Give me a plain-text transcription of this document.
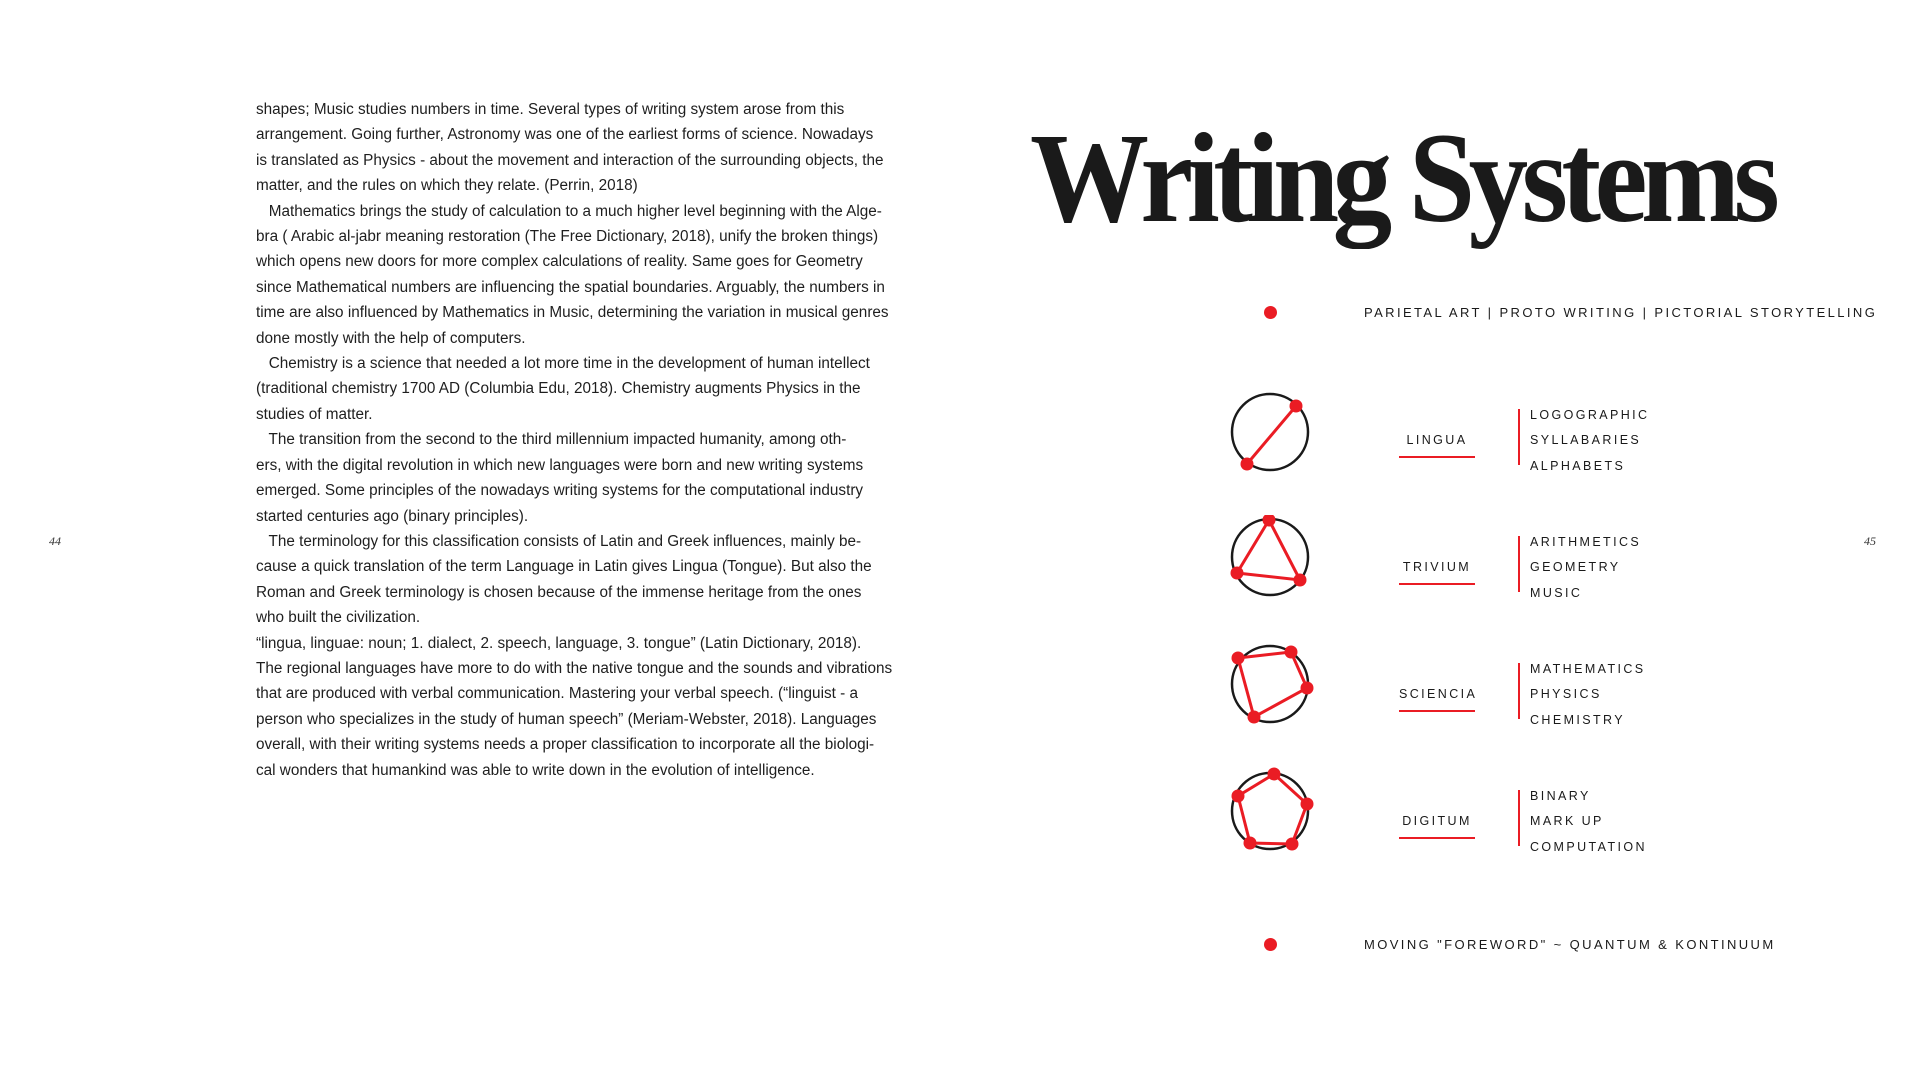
44
shapes; Music studies numbers in time. Several types of writing system arose from this
arrangement. Going further, Astronomy was one of the earliest forms of science. Nowadays
is translated as Physics - about the movement and interaction of the surrounding objects, the
matter, and the rules on which they relate. (Perrin, 2018)
Mathematics brings the study of calculation to a much higher level beginning with the Alge-
bra ( Arabic al-jabr meaning restoration (The Free Dictionary, 2018), unify the broken things)
which opens new doors for more complex calculations of reality. Same goes for Geometry
since Mathematical numbers are influencing the spatial boundaries. Arguably, the numbers in
time are also influenced by Mathematics in Music, determining the variation in musical genres
done mostly with the help of computers.
Chemistry is a science that needed a lot more time in the development of human intellect
(traditional chemistry 1700 AD (Columbia Edu, 2018). Chemistry augments Physics in the
studies of matter.
The transition from the second to the third millennium impacted humanity, among oth-
ers, with the digital revolution in which new languages were born and new writing systems
emerged. Some principles of the nowadays writing systems for the computational industry
started centuries ago (binary principles).
The terminology for this classification consists of Latin and Greek influences, mainly be-
cause a quick translation of the term Language in Latin gives Lingua (Tongue). But also the
Roman and Greek terminology is chosen because of the immense heritage from the ones
who built the civilization.
“lingua, linguae: noun; 1. dialect, 2. speech, language, 3. tongue” (Latin Dictionary, 2018).
The regional languages have more to do with the native tongue and the sounds and vibrations
that are produced with verbal communication. Mastering your verbal speech. (“linguist - a
person who specializes in the study of human speech” (Meriam-Webster, 2018). Languages
overall, with their writing systems needs a proper classification to incorporate all the biologi-
cal wonders that humankind was able to write down in the evolution of intelligence.
45
Writing Systems
PARIETAL ART | PROTO WRITING | PICTORIAL STORYTELLING
LINGUA
LOGOGRAPHIC
SYLLABARIES
ALPHABETS
TRIVIUM
ARITHMETICS
GEOMETRY
MUSIC
SCIENCIA
MATHEMATICS
PHYSICS
CHEMISTRY
DIGITUM
BINARY
MARK UP
COMPUTATION
MOVING "FOREWORD" ~ QUANTUM & KONTINUUM
